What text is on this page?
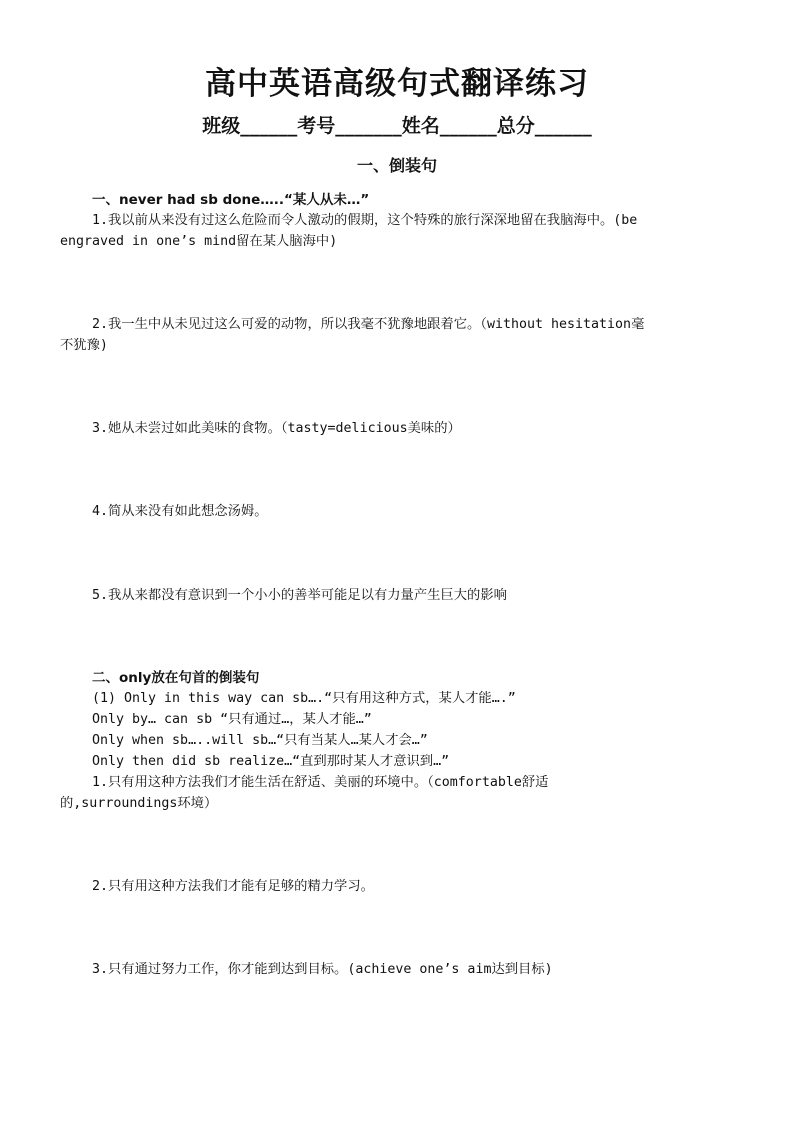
高中英语高级句式翻译练习
班级______考号_______姓名______总分______
一、倒装句
一、never had sb done…..“某人从未…”
1.我以前从来没有过这么危险而令人激动的假期，这个特殊的旅行深深地留在我脑海中。(be
engraved in one’s mind留在某人脑海中)
2.我一生中从未见过这么可爱的动物，所以我毫不犹豫地跟着它。（without hesitation毫
不犹豫)
3.她从未尝过如此美味的食物。（tasty=delicious美味的）
4.简从来没有如此想念汤姆。
5.我从来都没有意识到一个小小的善举可能足以有力量产生巨大的影响
二、only放在句首的倒装句
(1) Only in this way can sb….“只有用这种方式，某人才能….”
Only by… can sb “只有通过…，某人才能…”
Only when sb…..will sb…“只有当某人…某人才会…”
Only then did sb realize…“直到那时某人才意识到…”
1.只有用这种方法我们才能生活在舒适、美丽的环境中。（comfortable舒适
的,surroundings环境）
2.只有用这种方法我们才能有足够的精力学习。
3.只有通过努力工作，你才能到达到目标。(achieve one’s aim达到目标)
